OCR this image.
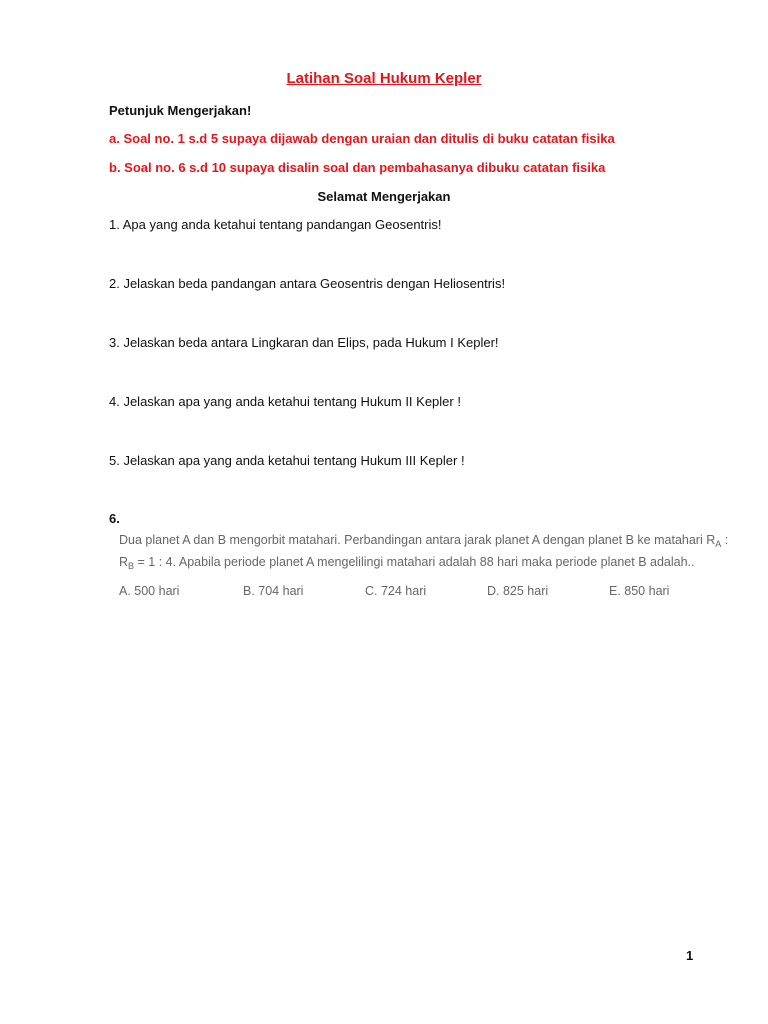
Latihan Soal Hukum Kepler
Petunjuk Mengerjakan!
a. Soal no. 1 s.d 5 supaya dijawab dengan uraian dan ditulis di buku catatan fisika
b. Soal no. 6 s.d 10 supaya disalin soal dan pembahasanya dibuku catatan fisika
Selamat Mengerjakan
1. Apa yang anda ketahui tentang pandangan Geosentris!
2. Jelaskan beda pandangan antara Geosentris dengan Heliosentris!
3. Jelaskan beda antara Lingkaran dan Elips, pada Hukum I Kepler!
4. Jelaskan apa yang anda ketahui tentang Hukum II Kepler !
5. Jelaskan apa yang anda ketahui tentang Hukum III Kepler !
6.
Dua planet A dan B mengorbit matahari. Perbandingan antara jarak planet A dengan planet B ke matahari $R_A$ :
$R_B = 1$ : 4. Apabila periode planet A mengelilingi matahari adalah 88 hari maka periode planet B adalah..
A. 500 hari	B. 704 hari	C. 724 hari	D. 825 hari	E. 850 hari
1
